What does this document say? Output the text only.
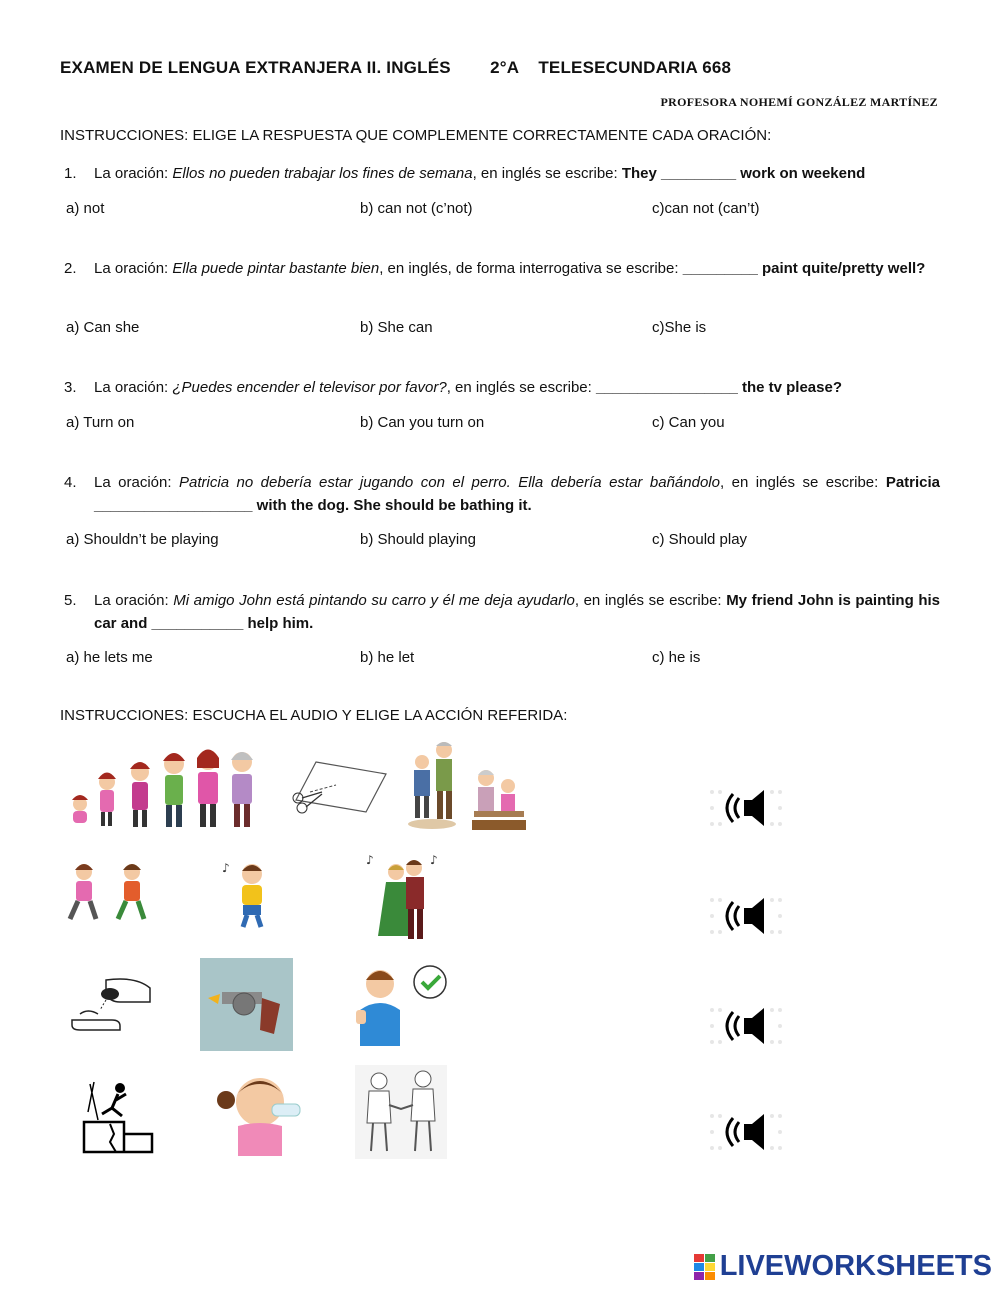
EXAMEN DE LENGUA EXTRANJERA II. INGLÉS        2°A    TELESECUNDARIA 668
PROFESORA NOHEMÍ GONZÁLEZ MARTÍNEZ
INSTRUCCIONES: ELIGE LA RESPUESTA QUE COMPLEMENTE CORRECTAMENTE CADA ORACIÓN:
1.	La oración: Ellos no pueden trabajar los fines de semana, en inglés se escribe: They _________ work on weekend
a) not	b) can not (c’not)	c)can not (can’t)
2.	La oración: Ella puede pintar bastante bien, en inglés, de forma interrogativa se escribe: _________ paint quite/pretty well?
a) Can she	b) She can	c)She is
3.	La oración: ¿Puedes encender el televisor por favor?, en inglés se escribe: _________________ the tv please?
a) Turn on	b) Can you turn on	c) Can you
4.	La oración: Patricia no debería estar jugando con el perro. Ella debería estar bañándolo, en inglés se escribe: Patricia ___________________ with the dog. She should be bathing it.
a) Shouldn’t be playing	b) Should playing	c) Should play
5.	La oración: Mi amigo John está pintando su carro y él me deja ayudarlo, en inglés se escribe: My friend John is painting his car and ___________ help him.
a) he lets me	b) he let	c) he is
INSTRUCCIONES: ESCUCHA EL AUDIO Y ELIGE LA ACCIÓN REFERIDA:
♪
♪	♪
LIVEWORKSHEETS
